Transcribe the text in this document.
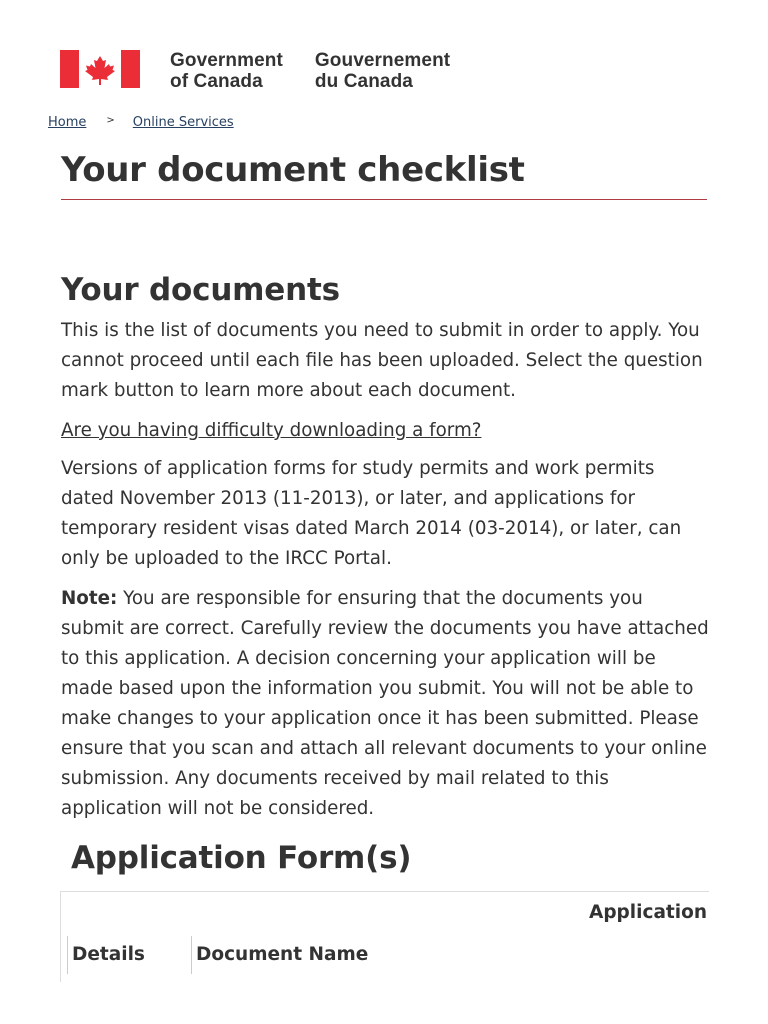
Government
of Canada
Gouvernement
du Canada
Home > Online Services
Your document checklist
Your documents

This is the list of documents you need to submit in order to apply. You cannot proceed until each file has been uploaded. Select the question mark button to learn more about each document.

Are you having difficulty downloading a form?

Versions of application forms for study permits and work permits dated November 2013 (11-2013), or later, and applications for temporary resident visas dated March 2014 (03-2014), or later, can only be uploaded to the IRCC Portal.

Note: You are responsible for ensuring that the documents you submit are correct. Carefully review the documents you have attached to this application. A decision concerning your application will be made based upon the information you submit. You will not be able to make changes to your application once it has been submitted. Please ensure that you scan and attach all relevant documents to your online submission. Any documents received by mail related to this application will not be considered.

Application Form(s)
Application
Details	Document Name
